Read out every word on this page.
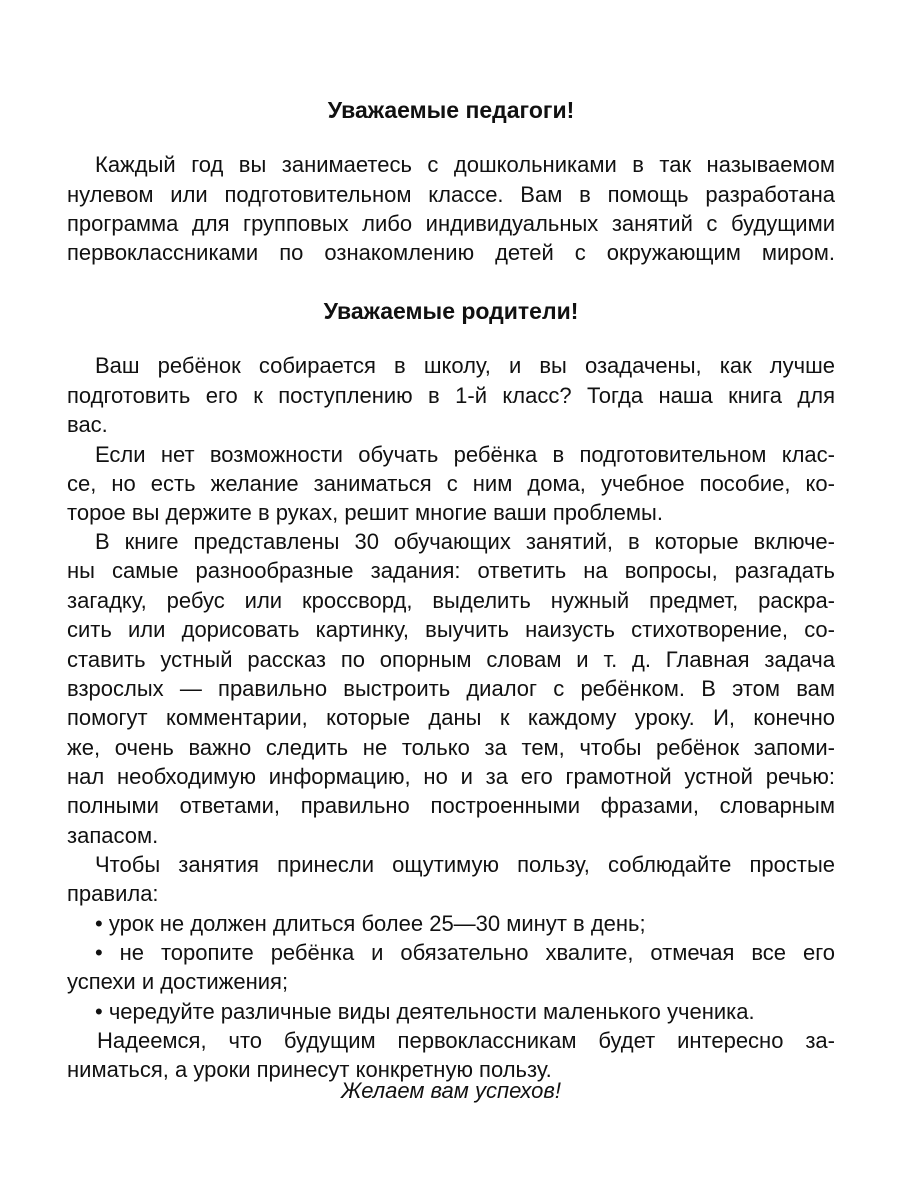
Уважаемые педагоги!
Каждый год вы занимаетесь с дошкольниками в так называемом
нулевом или подготовительном классе. Вам в помощь разработана
программа для групповых либо индивидуальных занятий с будущими
первоклассниками по ознакомлению детей с окружающим миром.
Уважаемые родители!
Ваш ребёнок собирается в школу, и вы озадачены, как лучше
подготовить его к поступлению в 1-й класс? Тогда наша книга для
вас.
Если нет возможности обучать ребёнка в подготовительном клас-
се, но есть желание заниматься с ним дома, учебное пособие, ко-
торое вы держите в руках, решит многие ваши проблемы.
В книге представлены 30 обучающих занятий, в которые включе-
ны самые разнообразные задания: ответить на вопросы, разгадать
загадку, ребус или кроссворд, выделить нужный предмет, раскра-
сить или дорисовать картинку, выучить наизусть стихотворение, со-
ставить устный рассказ по опорным словам и т. д. Главная задача
взрослых — правильно выстроить диалог с ребёнком. В этом вам
помогут комментарии, которые даны к каждому уроку. И, конечно
же, очень важно следить не только за тем, чтобы ребёнок запоми-
нал необходимую информацию, но и за его грамотной устной речью:
полными ответами, правильно построенными фразами, словарным
запасом.
Чтобы занятия принесли ощутимую пользу, соблюдайте простые
правила:
• урок не должен длиться более 25—30 минут в день;
• не торопите ребёнка и обязательно хвалите, отмечая все его
успехи и достижения;
• чередуйте различные виды деятельности маленького ученика.
Надеемся, что будущим первоклассникам будет интересно за-
ниматься, а уроки принесут конкретную пользу.
Желаем вам успехов!
